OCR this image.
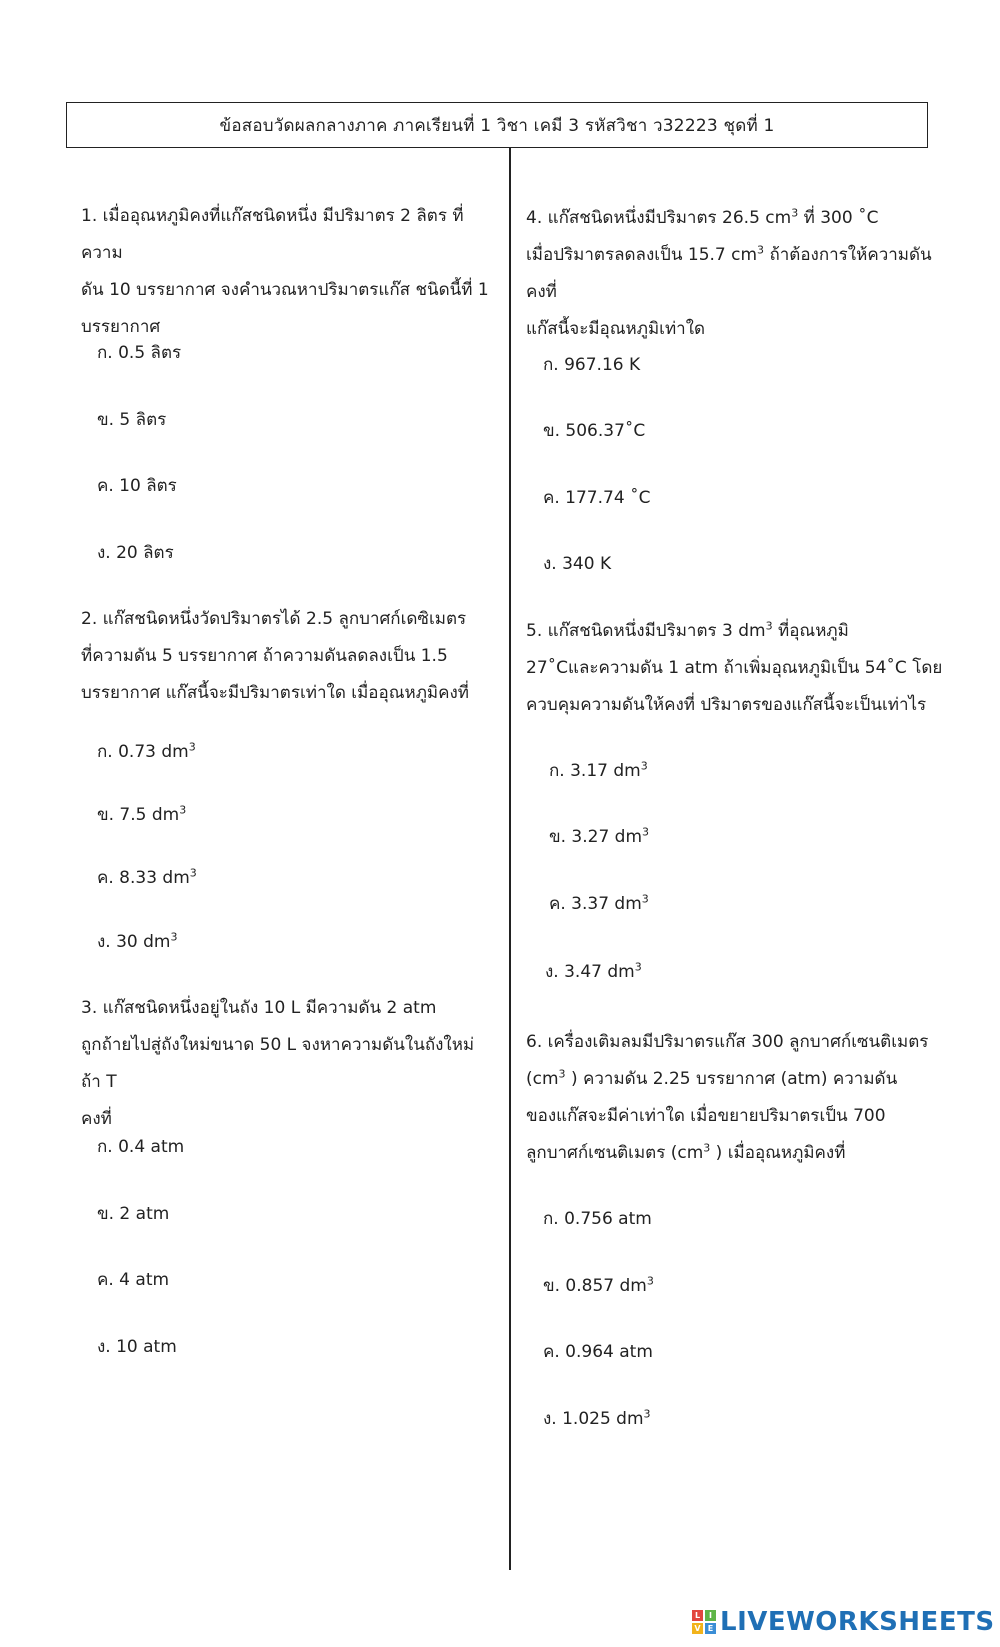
ข้อสอบวัดผลกลางภาค ภาคเรียนที่ 1 วิชา เคมี 3 รหัสวิชา ว32223 ชุดที่ 1
1. เมื่ออุณหภูมิคงที่แก๊สชนิดหนึ่ง มีปริมาตร 2 ลิตร ที่ความ
ดัน 10 บรรยากาศ จงคำนวณหาปริมาตรแก๊ส ชนิดนี้ที่ 1
บรรยากาศ
ก. 0.5 ลิตร
ข. 5 ลิตร
ค. 10 ลิตร
ง. 20 ลิตร
2. แก๊สชนิดหนึ่งวัดปริมาตรได้ 2.5 ลูกบาศก์เดซิเมตร
ที่ความดัน 5 บรรยากาศ ถ้าความดันลดลงเป็น 1.5
บรรยากาศ แก๊สนี้จะมีปริมาตรเท่าใด เมื่ออุณหภูมิคงที่
ก. 0.73 $dm^3$
ข. 7.5 $dm^3$
ค. 8.33 $dm^3$
ง. 30 $dm^3$
3. แก๊สชนิดหนึ่งอยู่ในถัง 10 L มีความดัน 2 atm
ถูกถ้ายไปสู่ถังใหม่ขนาด 50 L จงหาความดันในถังใหม่ ถ้า T
คงที่
ก. 0.4 atm
ข. 2 atm
ค. 4 atm
ง. 10 atm
4. แก๊สชนิดหนึ่งมีปริมาตร 26.5 $cm^3$ ที่ 300 ˚C
เมื่อปริมาตรลดลงเป็น 15.7 $cm^3$ ถ้าต้องการให้ความดันคงที่
แก๊สนี้จะมีอุณหภูมิเท่าใด
ก. 967.16 K
ข. 506.37˚C
ค. 177.74 ˚C
ง. 340 K
5. แก๊สชนิดหนึ่งมีปริมาตร 3 $dm^3$ ที่อุณหภูมิ
27˚Cและความดัน 1 atm ถ้าเพิ่มอุณหภูมิเป็น 54˚C โดย
ควบคุมความดันให้คงที่ ปริมาตรของแก๊สนี้จะเป็นเท่าไร
ก. 3.17 $dm^3$
ข. 3.27 $dm^3$
ค. 3.37 $dm^3$
ง. 3.47 $dm^3$
6. เครื่องเติมลมมีปริมาตรแก๊ส 300 ลูกบาศก์เซนติเมตร
($cm^3$ ) ความดัน 2.25 บรรยากาศ (atm) ความดัน
ของแก๊สจะมีค่าเท่าใด เมื่อขยายปริมาตรเป็น 700
ลูกบาศก์เซนติเมตร ($cm^3$ ) เมื่ออุณหภูมิคงที่
ก. 0.756 atm
ข. 0.857 $dm^3$
ค. 0.964 atm
ง. 1.025 $dm^3$
L	I
V E LIVEWORKSHEETS
